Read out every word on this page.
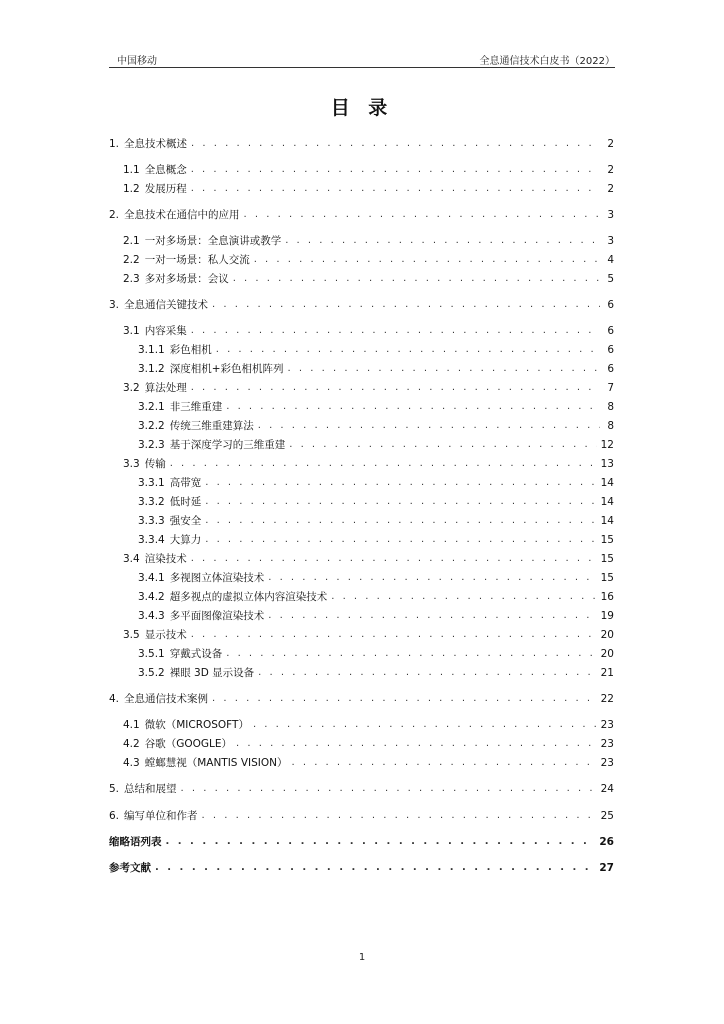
中国移动	全息通信技术白皮书（2022）
目 录
1. 全息技术概述 . . .	2
1.1 全息概念 . . .	2
1.2 发展历程 . . .	2
2. 全息技术在通信中的应用 . . .	3
2.1 一对多场景：全息演讲或教学 . . .	3
2.2 一对一场景：私人交流 . . .	4
2.3 多对多场景：会议 . . .	5
3. 全息通信关键技术 . . .	6
3.1 内容采集 . . .	6
3.1.1 彩色相机 . . .	6
3.1.2 深度相机+彩色相机阵列 . . .	6
3.2 算法处理 . . .	7
3.2.1 非三维重建 . . .	8
3.2.2 传统三维重建算法 . . .	8
3.2.3 基于深度学习的三维重建 . . .	12
3.3 传输 . . .	13
3.3.1 高带宽 . . .	14
3.3.2 低时延 . . .	14
3.3.3 强安全 . . .	14
3.3.4 大算力 . . .	15
3.4 渲染技术 . . .	15
3.4.1 多视图立体渲染技术 . . .	15
3.4.2 超多视点的虚拟立体内容渲染技术 . . .	16
3.4.3 多平面图像渲染技术 . . .	19
3.5 显示技术 . . .	20
3.5.1 穿戴式设备 . . .	20
3.5.2 裸眼 3D 显示设备 . . .	21
4. 全息通信技术案例 . . .	22
4.1 微软（MICROSOFT） . . .	23
4.2 谷歌（GOOGLE） . . .	23
4.3 螳螂慧视（MANTIS VISION） . . .	23
5. 总结和展望 . . .	24
6. 编写单位和作者 . . .	25
缩略语列表 . . .	26
参考文献 . . .	27
1
